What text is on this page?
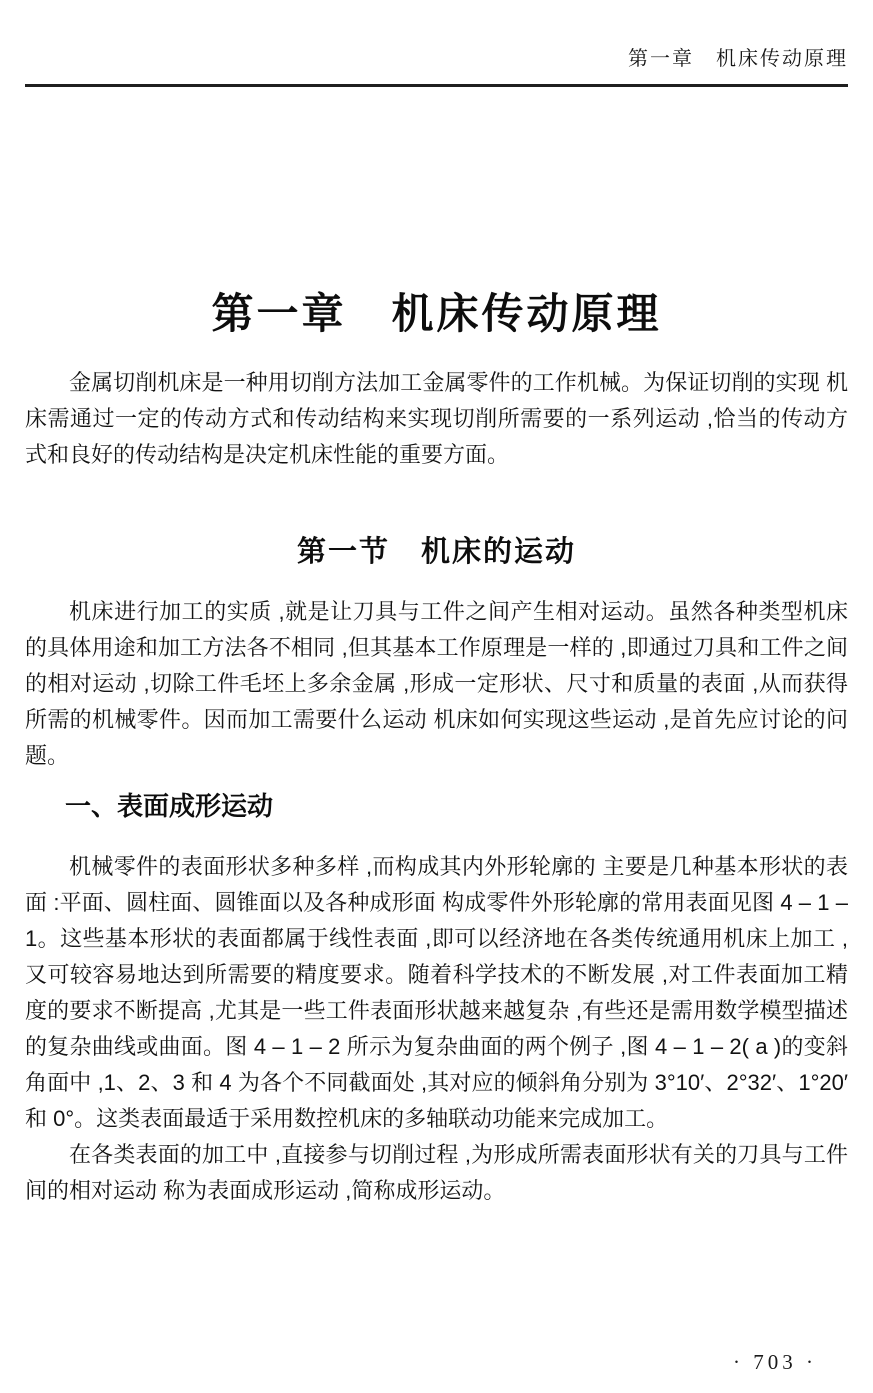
第一章　机床传动原理
第一章　机床传动原理

金属切削机床是一种用切削方法加工金属零件的工作机械。为保证切削的实现 机床需通过一定的传动方式和传动结构来实现切削所需要的一系列运动 ,恰当的传动方式和良好的传动结构是决定机床性能的重要方面。

第一节　机床的运动

机床进行加工的实质 ,就是让刀具与工件之间产生相对运动。虽然各种类型机床的具体用途和加工方法各不相同 ,但其基本工作原理是一样的 ,即通过刀具和工件之间的相对运动 ,切除工件毛坯上多余金属 ,形成一定形状、尺寸和质量的表面 ,从而获得所需的机械零件。因而加工需要什么运动 机床如何实现这些运动 ,是首先应讨论的问题。

一、表面成形运动

机械零件的表面形状多种多样 ,而构成其内外形轮廓的 主要是几种基本形状的表面 :平面、圆柱面、圆锥面以及各种成形面 构成零件外形轮廓的常用表面见图 4 – 1 – 1。这些基本形状的表面都属于线性表面 ,即可以经济地在各类传统通用机床上加工 ,又可较容易地达到所需要的精度要求。随着科学技术的不断发展 ,对工件表面加工精度的要求不断提高 ,尤其是一些工件表面形状越来越复杂 ,有些还是需用数学模型描述的复杂曲线或曲面。图 4 – 1 – 2 所示为复杂曲面的两个例子 ,图 4 – 1 – 2( a )的变斜角面中 ,1、2、3 和 4 为各个不同截面处 ,其对应的倾斜角分别为 3°10′、2°32′、1°20′和 0°。这类表面最适于采用数控机床的多轴联动功能来完成加工。

在各类表面的加工中 ,直接参与切削过程 ,为形成所需表面形状有关的刀具与工件间的相对运动 称为表面成形运动 ,简称成形运动。

· 703 ·
